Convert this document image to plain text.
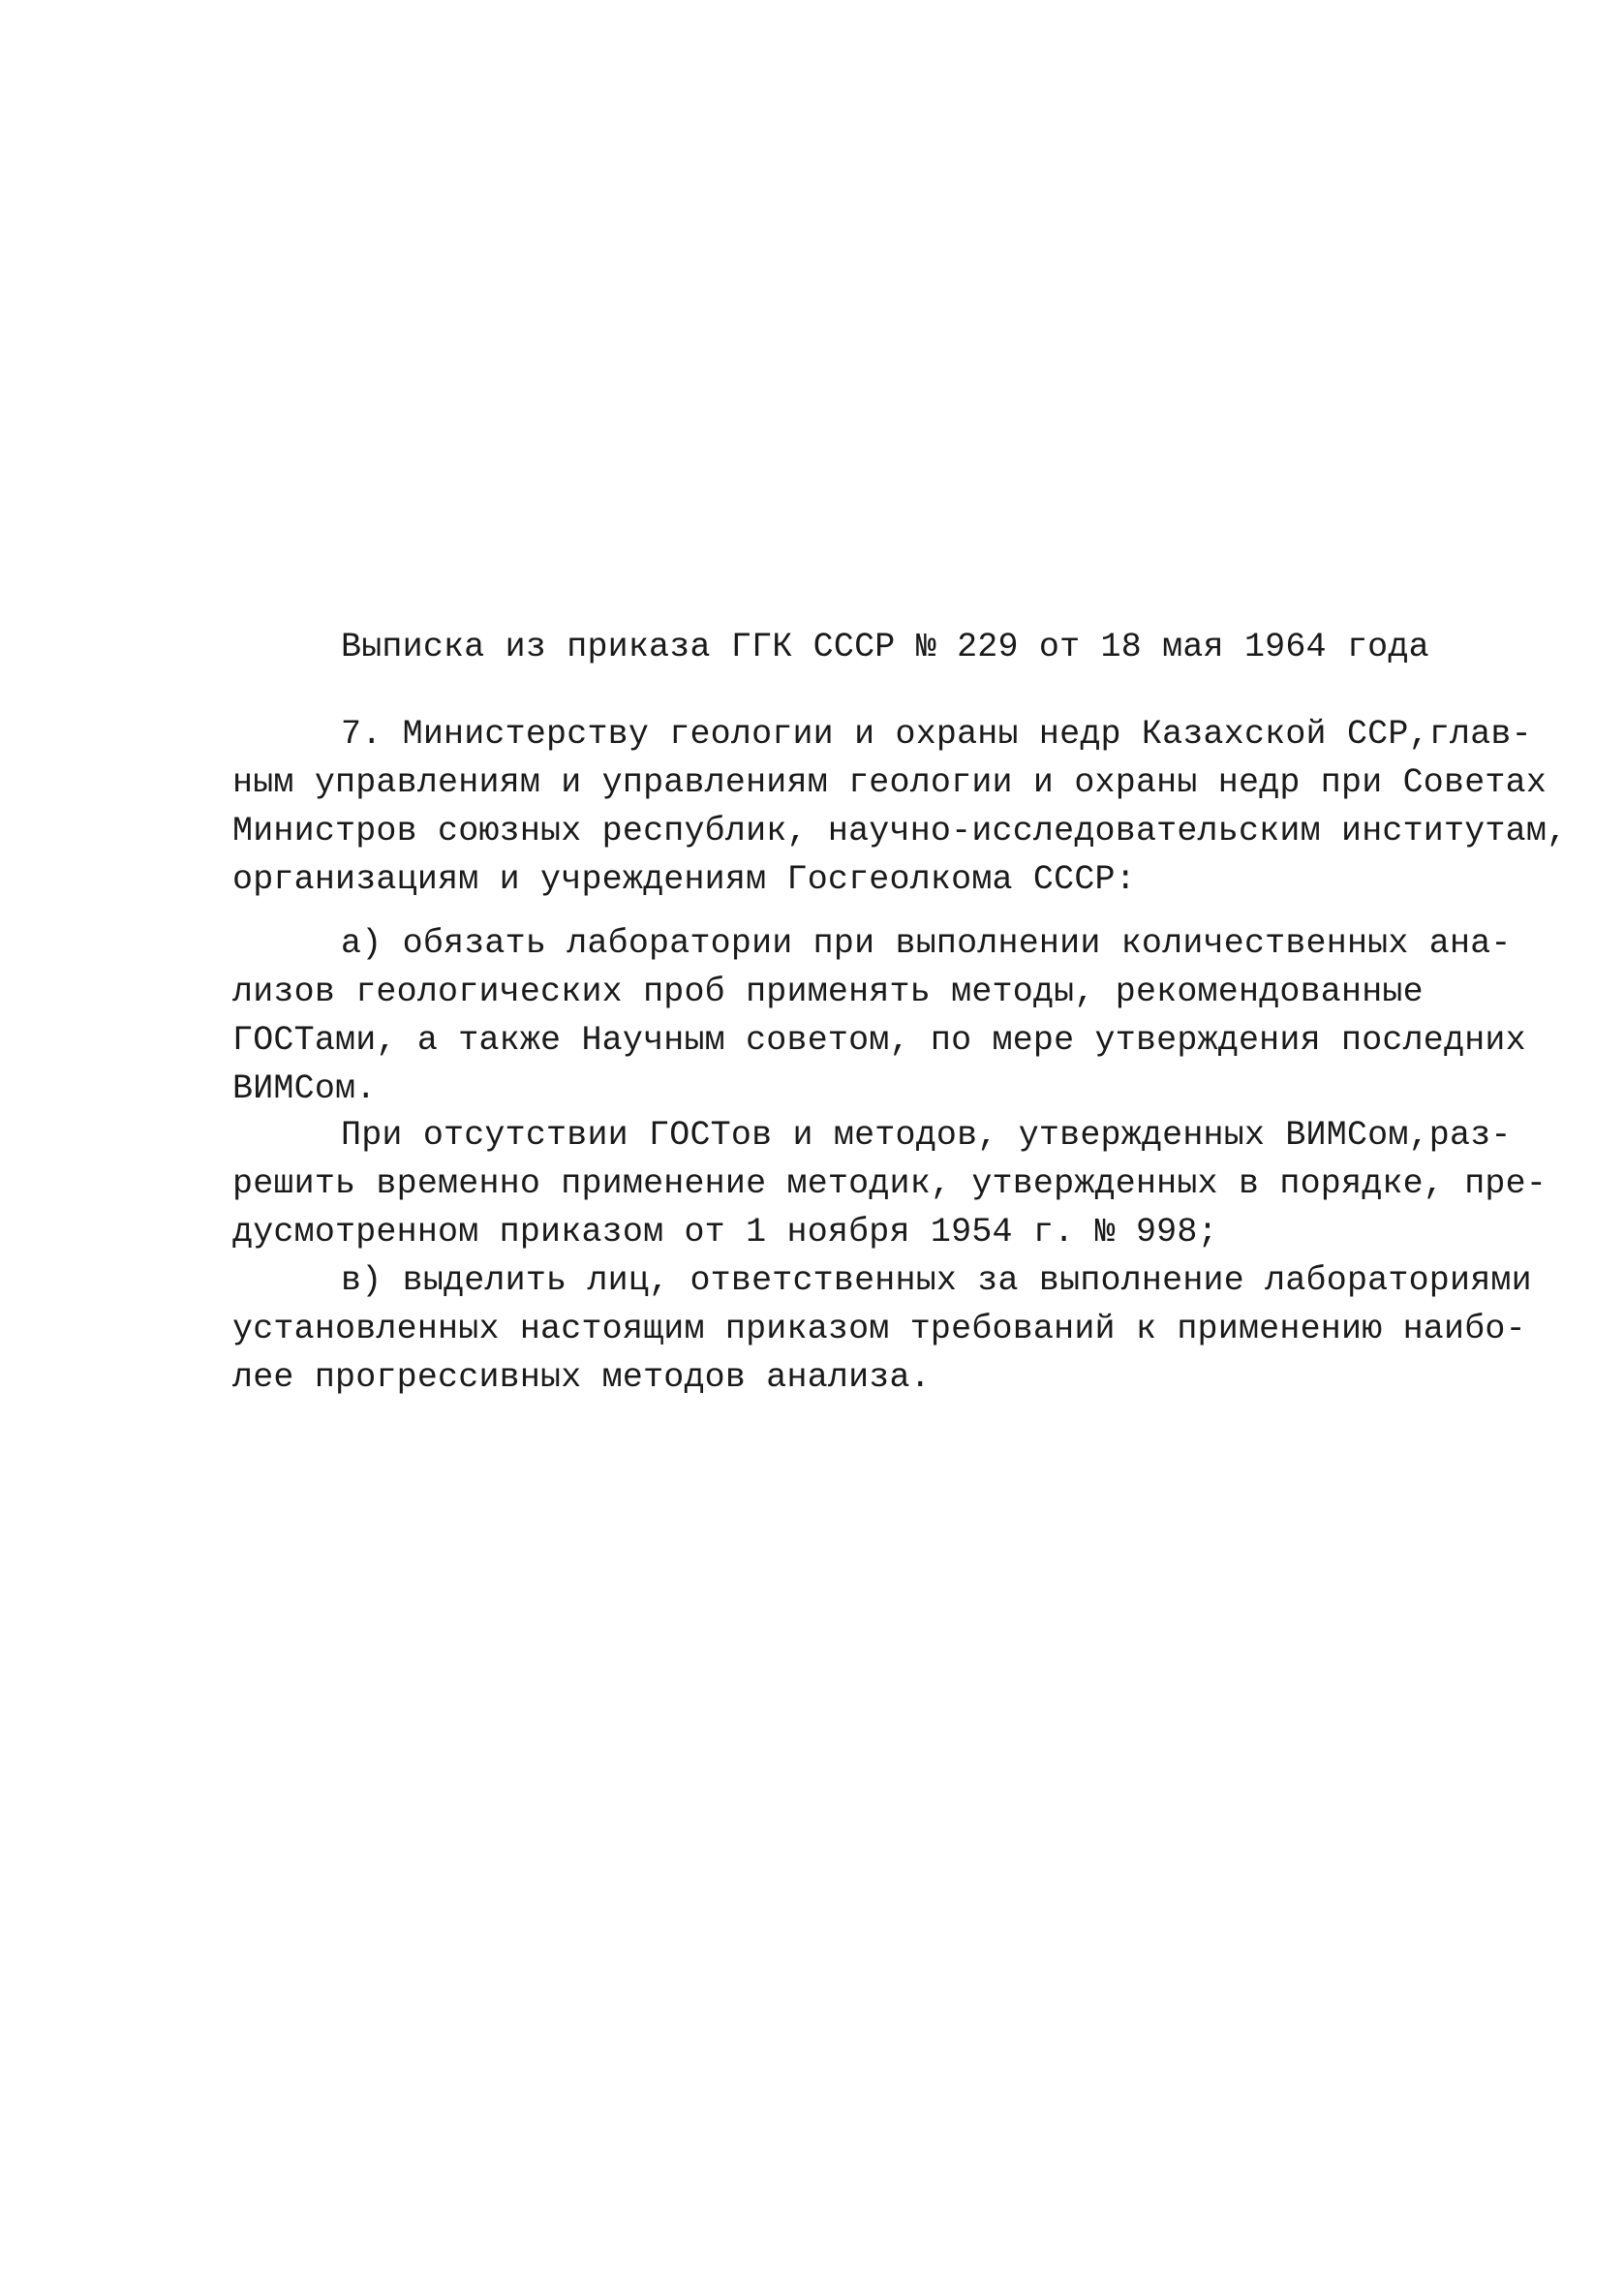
Выписка из приказа ГГК СССР № 229 от 18 мая 1964 года
7. Министерству геологии и охраны недр Казахской ССР,глав-
ным управлениям и управлениям геологии и охраны недр при Советах
Министров союзных республик, научно-исследовательским институтам,
организациям и учреждениям Госгеолкома СССР:
а) обязать лаборатории при выполнении количественных ана-
лизов геологических проб применять методы, рекомендованные
ГОСТами, а также Научным советом, по мере утверждения последних
ВИМСом.
При отсутствии ГОСТов и методов, утвержденных ВИМСом,раз-
решить временно применение методик, утвержденных в порядке, пре-
дусмотренном приказом от 1 ноября 1954 г. № 998;
в) выделить лиц, ответственных за выполнение лабораториями
установленных настоящим приказом требований к применению наибо-
лее прогрессивных методов анализа.
